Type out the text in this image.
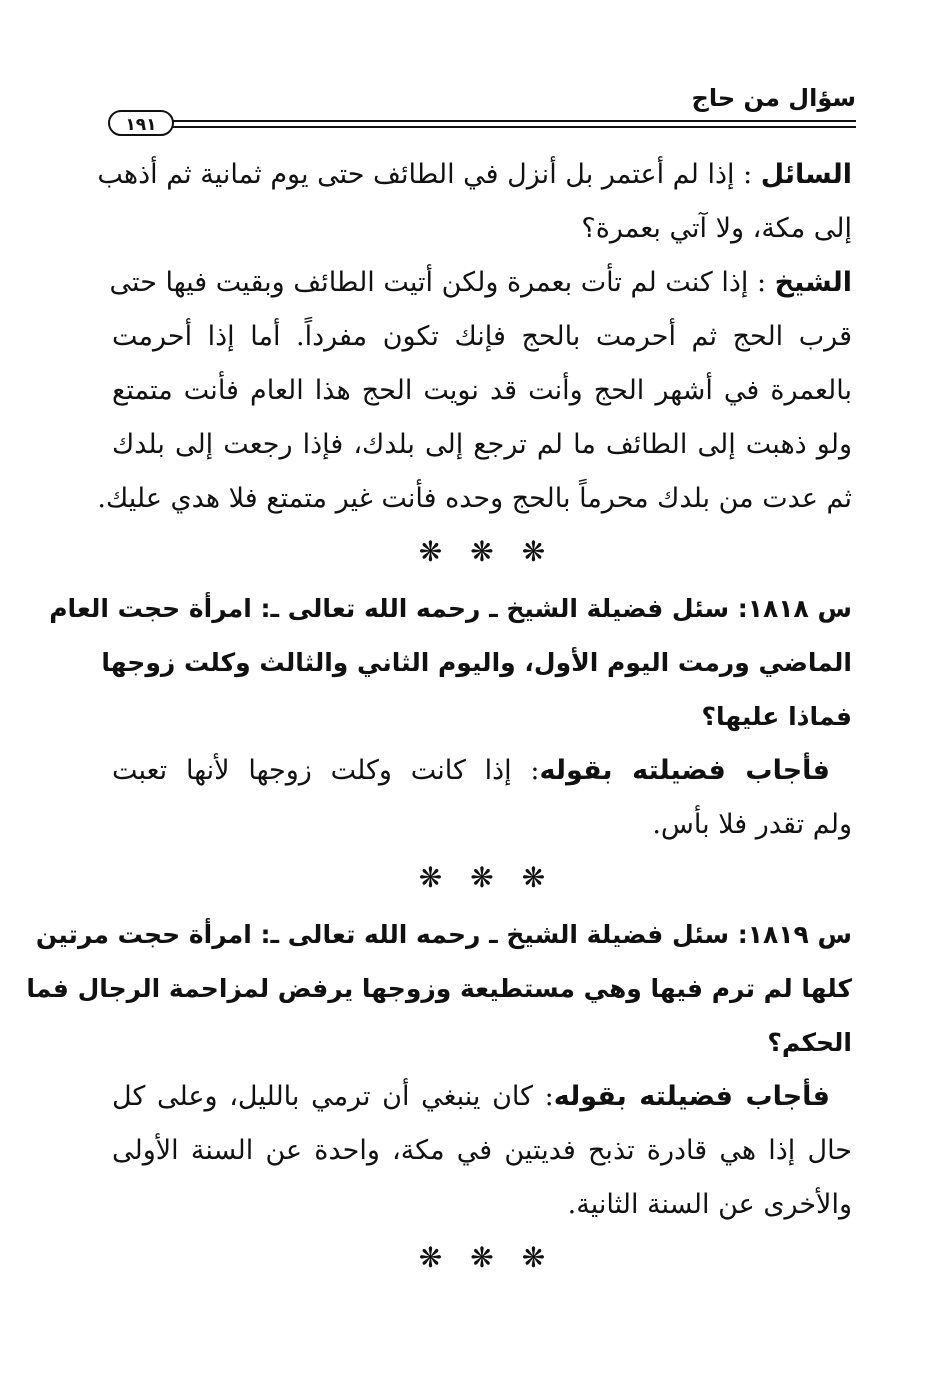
سؤال من حاج
١٩١
السائل : إذا لم أعتمر بل أنزل في الطائف حتى يوم ثمانية ثم أذهب
إلى مكة، ولا آتي بعمرة؟
الشيخ : إذا كنت لم تأت بعمرة ولكن أتيت الطائف وبقيت فيها حتى
قرب الحج ثم أحرمت بالحج فإنك تكون مفرداً. أما إذا أحرمت
بالعمرة في أشهر الحج وأنت قد نويت الحج هذا العام فأنت متمتع
ولو ذهبت إلى الطائف ما لم ترجع إلى بلدك، فإذا رجعت إلى بلدك
ثم عدت من بلدك محرماً بالحج وحده فأنت غير متمتع فلا هدي عليك.
❋ ❋ ❋
س ١٨١٨: سئل فضيلة الشيخ ـ رحمه الله تعالى ـ: امرأة حجت العام
الماضي ورمت اليوم الأول، واليوم الثاني والثالث وكلت زوجها
فماذا عليها؟
فأجاب فضيلته بقوله: إذا كانت وكلت زوجها لأنها تعبت
ولم تقدر فلا بأس.
❋ ❋ ❋
س ١٨١٩: سئل فضيلة الشيخ ـ رحمه الله تعالى ـ: امرأة حجت مرتين
كلها لم ترم فيها وهي مستطيعة وزوجها يرفض لمزاحمة الرجال فما
الحكم؟
فأجاب فضيلته بقوله: كان ينبغي أن ترمي بالليل، وعلى كل
حال إذا هي قادرة تذبح فديتين في مكة، واحدة عن السنة الأولى
والأخرى عن السنة الثانية.
❋ ❋ ❋
